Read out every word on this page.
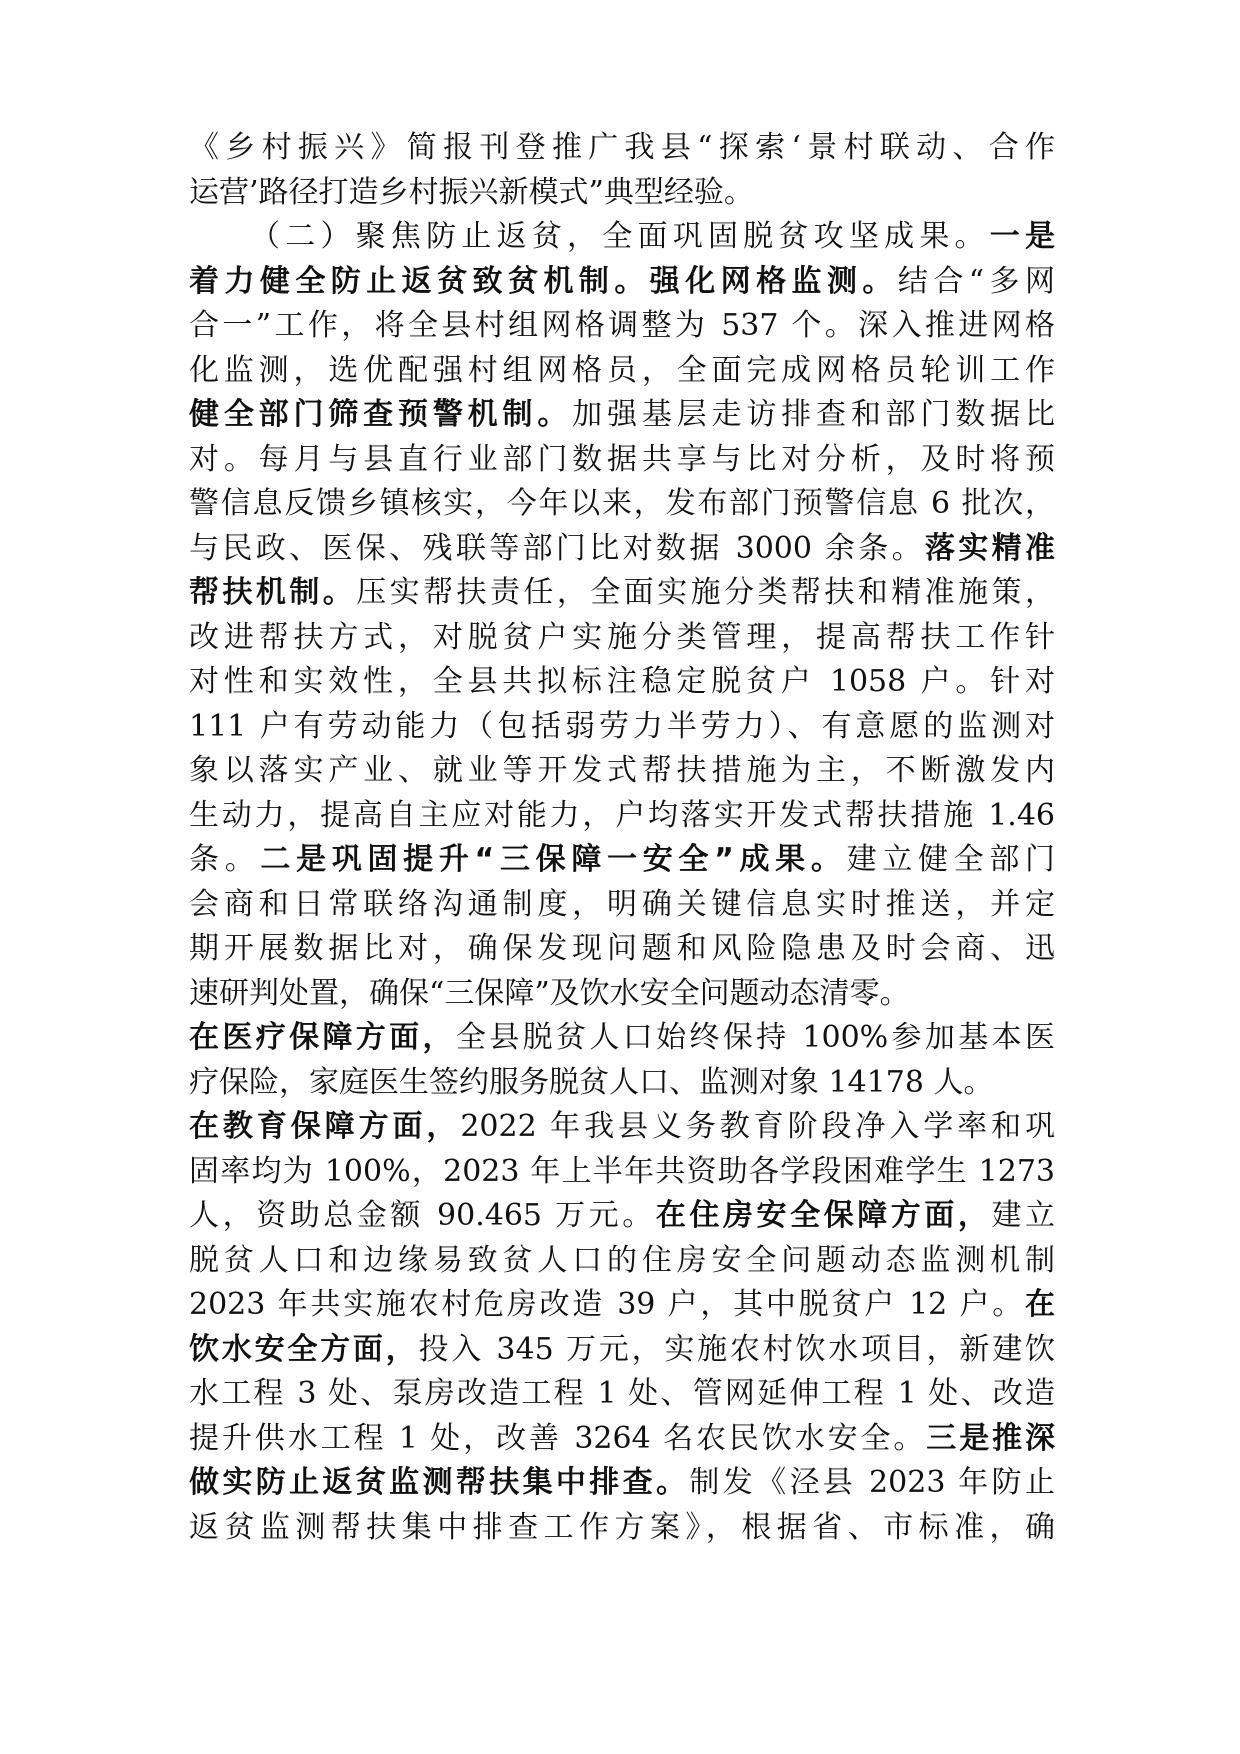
《乡村振兴》简报刊登推广我县“探索‘景村联动、合作
运营’路径打造乡村振兴新模式”典型经验。
（二）聚焦防止返贫，全面巩固脱贫攻坚成果。一是
着力健全防止返贫致贫机制。强化网格监测。结合“多网
合一”工作，将全县村组网格调整为 537 个。深入推进网格
化监测，选优配强村组网格员，全面完成网格员轮训工作
健全部门筛查预警机制。加强基层走访排查和部门数据比
对。每月与县直行业部门数据共享与比对分析，及时将预
警信息反馈乡镇核实，今年以来，发布部门预警信息 6 批次，
与民政、医保、残联等部门比对数据 3000 余条。落实精准
帮扶机制。压实帮扶责任，全面实施分类帮扶和精准施策，
改进帮扶方式，对脱贫户实施分类管理，提高帮扶工作针
对性和实效性，全县共拟标注稳定脱贫户 1058 户。针对
111 户有劳动能力（包括弱劳力半劳力）、有意愿的监测对
象以落实产业、就业等开发式帮扶措施为主，不断激发内
生动力，提高自主应对能力，户均落实开发式帮扶措施 1.46
条。二是巩固提升“三保障一安全”成果。建立健全部门
会商和日常联络沟通制度，明确关键信息实时推送，并定
期开展数据比对，确保发现问题和风险隐患及时会商、迅
速研判处置，确保“三保障”及饮水安全问题动态清零。
在医疗保障方面，全县脱贫人口始终保持 100%参加基本医
疗保险，家庭医生签约服务脱贫人口、监测对象 14178 人。
在教育保障方面，2022 年我县义务教育阶段净入学率和巩
固率均为 100%，2023 年上半年共资助各学段困难学生 1273
人，资助总金额 90.465 万元。在住房安全保障方面，建立
脱贫人口和边缘易致贫人口的住房安全问题动态监测机制
2023 年共实施农村危房改造 39 户，其中脱贫户 12 户。在
饮水安全方面，投入 345 万元，实施农村饮水项目，新建饮
水工程 3 处、泵房改造工程 1 处、管网延伸工程 1 处、改造
提升供水工程 1 处，改善 3264 名农民饮水安全。三是推深
做实防止返贫监测帮扶集中排查。制发《泾县 2023 年防止
返贫监测帮扶集中排查工作方案》，根据省、市标准，确
